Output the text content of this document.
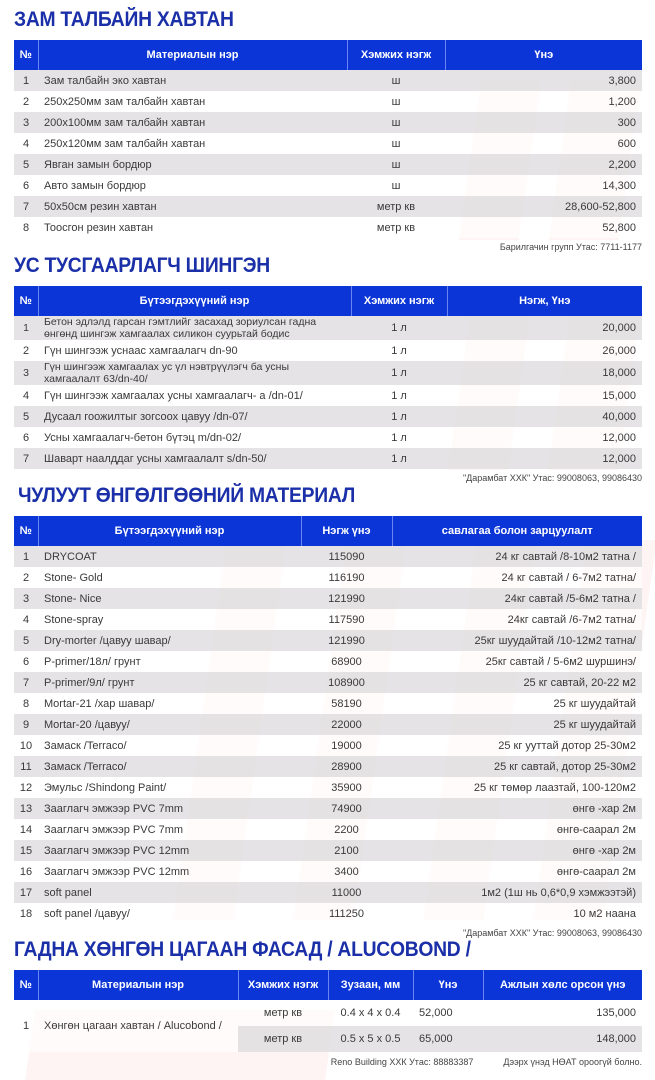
ЗАМ ТАЛБАЙН ХАВТАН
№	Материалын нэр	Хэмжих нэгж	Үнэ
1	Зам талбайн эко хавтан	ш	3,800
2	250x250мм зам талбайн хавтан	ш	1,200
3	200x100мм зам талбайн хавтан	ш	300
4	250x120мм зам талбайн хавтан	ш	600
5	Явган замын бордюр	ш	2,200
6	Авто замын бордюр	ш	14,300
7	50x50см резин хавтан	метр кв	28,600-52,800
8	Тоосгон резин хавтан	метр кв	52,800
Барилгачин групп Утас: 7711-1177
УС ТУСГААРЛАГЧ ШИНГЭН
№	Бүтээгдэхүүний нэр	Хэмжих нэгж	Нэгж, Үнэ
1	Бетон эдлэлд гарсан гэмтлийг засахад зориулсан гадна өнгөнд шингэж хамгаалах силикон суурьтай бодис	1 л	20,000
2	Гүн шингээж уснаас хамгаалагч dn-90	1 л	26,000
3	Гүн шингээж хамгаалах ус үл нэвтрүүлэгч ба усны хамгаалалт 63/dn-40/	1 л	18,000
4	Гүн шингээж хамгаалах усны хамгаалагч- а /dn-01/	1 л	15,000
5	Дусаал гоожилтыг зогсоох цавуу /dn-07/	1 л	40,000
6	Усны хамгаалагч-бетон бүтэц m/dn-02/	1 л	12,000
7	Шаварт наалддаг усны хамгаалалт s/dn-50/	1 л	12,000
"Дарамбат ХХК" Утас: 99008063, 99086430
ЧУЛУУТ ӨНГӨЛГӨӨНИЙ МАТЕРИАЛ
№	Бүтээгдэхүүний нэр	Нэгж үнэ	савлагаа болон зарцуулалт
1	DRYCOAT	115090	24 кг савтай /8-10м2 татна /
2	Stone- Gold	116190	24 кг савтай / 6-7м2 татна/
3	Stone- Nice	121990	24кг савтай /5-6м2 татна /
4	Stone-spray	117590	24кг савтай /6-7м2 татна/
5	Dry-morter /цавуу шавар/	121990	25кг шуудайтай /10-12м2 татна/
6	P-primer/18л/ грунт	68900	25кг савтай / 5-6м2 шуршинэ/
7	P-primer/9л/ грунт	108900	25 кг савтай, 20-22 м2
8	Mortar-21 /хар шавар/	58190	25 кг шуудайтай
9	Mortar-20 /цавуу/	22000	25 кг шуудайтай
10	Замаск /Terraco/	19000	25 кг ууттай дотор 25-30м2
11	Замаск /Terraco/	28900	25 кг савтай, дотор 25-30м2
12	Эмульс /Shindong Paint/	35900	25 кг төмөр лаазтай, 100-120м2
13	Зааглагч эмжээр PVC 7mm	74900	өнгө -хар 2м
14	Зааглагч эмжээр PVC 7mm	2200	өнгө-саарал 2м
15	Зааглагч эмжээр PVC 12mm	2100	өнгө -хар 2м
16	Зааглагч эмжээр PVC 12mm	3400	өнгө-саарал 2м
17	soft panel	11000	1м2 (1ш нь 0,6*0,9 хэмжээтэй)
18	soft panel /цавуу/	111250	10 м2 наана
"Дарамбат ХХК" Утас: 99008063, 99086430
ГАДНА ХӨНГӨН ЦАГААН ФАСАД / ALUCOBOND /
№	Материалын нэр	Хэмжих нэгж	Зузаан, мм	Үнэ	Ажлын хөлс орсон үнэ
1	Хөнгөн цагаан хавтан / Alucobond /	метр кв	0.4 x 4 x 0.4	52,000	135,000
		метр кв	0.5 x 5 x 0.5	65,000	148,000
Reno Building ХХК Утас: 88883387	Дээрх үнэд НӨАТ ороогүй болно.
